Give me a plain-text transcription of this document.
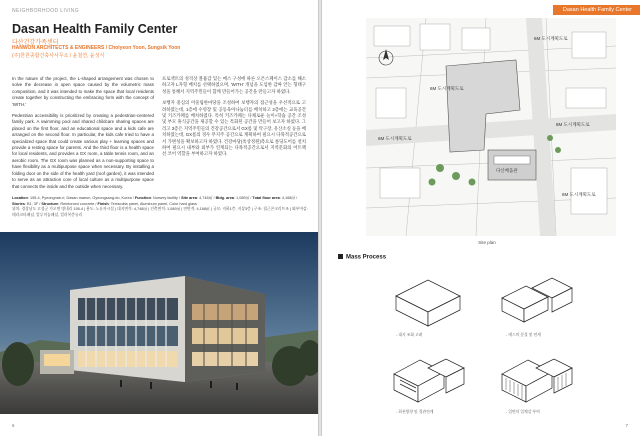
NEIGHBORHOOD LIVING
Dasan Health Family Center
다산건강가족센터
HANWON ARCHITECTS & ENGINEERS / Choiyeon Yoon, Sungsik Yoon
(주)한원종합건축사사무소 / 윤철연, 윤성식
In the nature of the project, the L-shaped arrangement was chosen to solve the decrease in open space caused by the volumetric mass composition, and it was intended to make the space that local residents create together by constructing the embracing form with the concept of 'WITH.'
Pedestrian accessibility is prioritized by creating a pedestrian-centered family park. A swimming pool and shared childcare sharing spaces are placed on the first floor, and an educational space and a kids cafe are arranged on the second floor. In particular, the kids cafe tried to have a specialized space that could create various play + learning spaces and provide a resting space for parents. And the third floor is a health space for local residents, and provides a GX room, a table tennis room, and an aerobic room. The GX room was planned as a non-supporting space to have flexibility as a multipurpose space when necessary. By installing a folding door on the side of the health yard (roof garden), it was intended to serve as an attraction core of local culture as a multipurpose space that connects the inside and the outside when necessary.
프로젝트의 성격상 볼륨감 있는 매스 구성에 따른 오픈스페이스 감소를 해소하고자 L자형 배치를 선택하였으며, 'WITH' 개념을 도입한 감싸 안는 형태구성을 통해서 지역주민들이 함께 만들어가는 공간을 만들고자 하였다.
보행자 중심의 어울림한마당을 조성하여 보행자의 접근성을 우선적으로 고려하였는데, 1층에 수영장 및 공동육아나눔터를 배치하고 2층에는 교육공간 및 키즈카페를 배치하였다. 특히 키즈카페는 다채로운 놀이+학습 공간 조성 및 부모 휴식공간을 제공할 수 있는 특화된 공간을 만들어 보고자 하였다. 그리고 3층은 지역주민들의 건강공간으로서 GX룸 및 탁구장, 유산소실 등을 배치하였는데, GX룸의 경우 무지주 공간으로 계획하여 필요시 다목적공간으로서 가변성을 확보하고자 하였다. 건강마당(옥상정원)측으로 폴딩도어를 설치하여 필요시 내부와 외부가 연계되는 다목적공간으로서 지역문화의 어트랙션 코어 역할을 부여하고자 하였다.
Location: 195-4, Pyeongnae-ri, Dasan-maeun, Gyeongsang-do, Korea / Function: Nursery facility / Site area: 4,748㎡ / Bldg. area: 1,089㎡ / Total floor area: 4,168㎡ / Stories: B1, 3F / Structure: Reinforced concrete / Finish: Terracotta panel, Aluminum panel, Color hard glass
위치: 경상남도 고성군 가오면 명내리 195-4 | 용도: 노유자시설 | 대지면적: 4,748㎡ | 건축면적: 1,089㎡ | 연면적: 4,168㎡ | 규모: 지하1층, 지상3층 | 구조: 철근콘크리트조 | 외부마감: 테라코타패널, 알루미늄패널, 컬러복층유리
6
Dasan Health Family Center
6M 도시계획도로
6M 도시계획도로
6M 도시계획도로
8M 도시계획도로
다산배움관
6M 도시계획도로
Site plan
Mass Process
- 대지 조화 고려	- 매스의 분절 및 연계
- 하천방향 및 경관연계	- 입면의 입체감 부여
7
